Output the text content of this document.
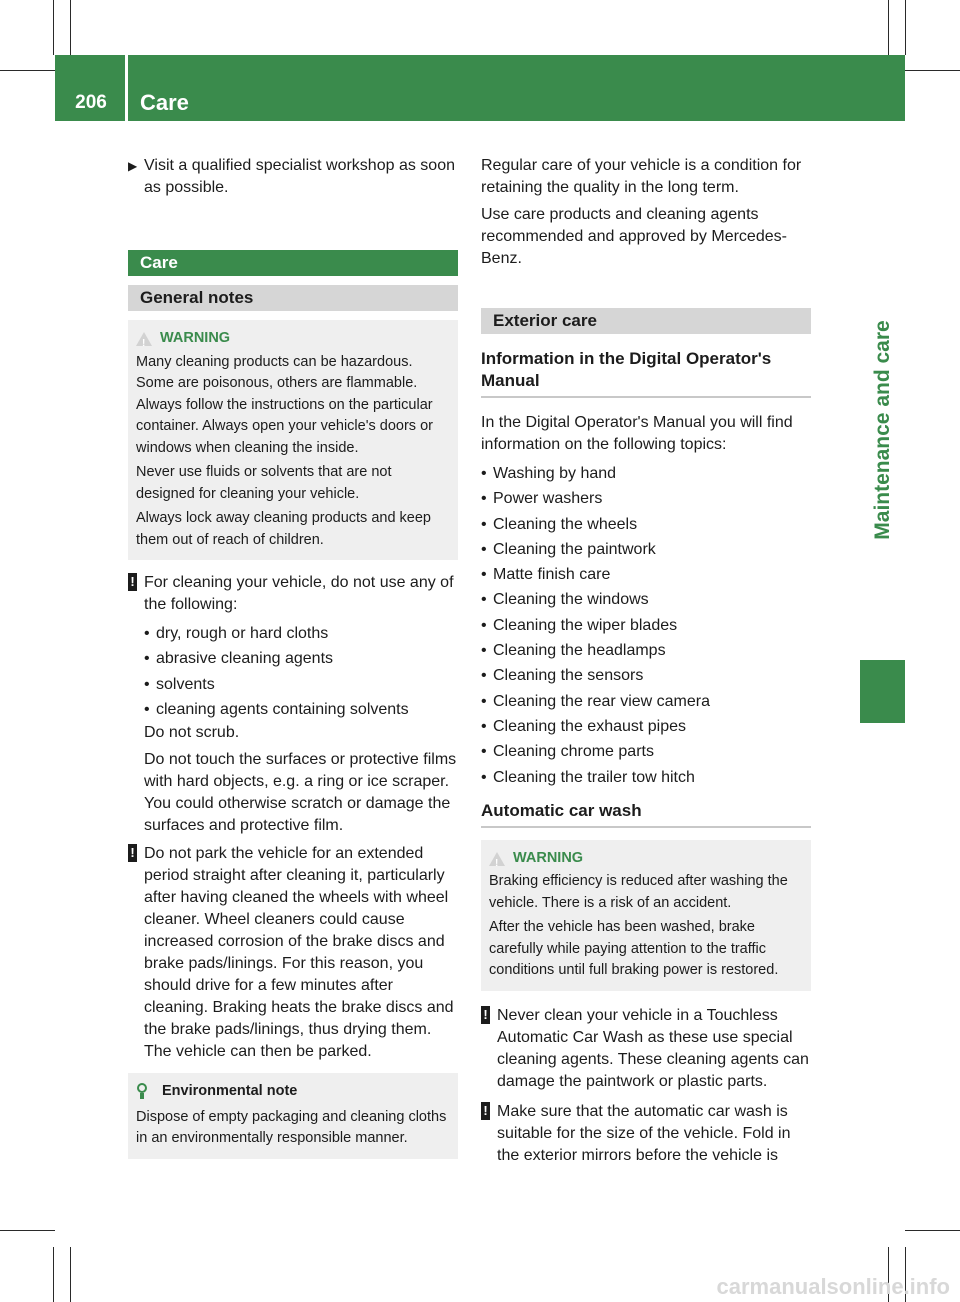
206	Care
Maintenance and care
▶ Visit a qualified specialist workshop as soon as possible.
Care
General notes
!
WARNING

Many cleaning products can be hazardous. Some are poisonous, others are flammable. Always follow the instructions on the particular container. Always open your vehicle's doors or windows when cleaning the inside.

Never use fluids or solvents that are not designed for cleaning your vehicle.

Always lock away cleaning products and keep them out of reach of children.

! For cleaning your vehicle, do not use any of the following:

• dry, rough or hard cloths
• abrasive cleaning agents
• solvents
• cleaning agents containing solvents

Do not scrub.

Do not touch the surfaces or protective films with hard objects, e.g. a ring or ice scraper. You could otherwise scratch or damage the surfaces and protective film.

! Do not park the vehicle for an extended period straight after cleaning it, particularly after having cleaned the wheels with wheel cleaner. Wheel cleaners could cause increased corrosion of the brake discs and brake pads/linings. For this reason, you should drive for a few minutes after cleaning. Braking heats the brake discs and the brake pads/linings, thus drying them. The vehicle can then be parked.

Environmental note

Dispose of empty packaging and cleaning cloths in an environmentally responsible manner.

Regular care of your vehicle is a condition for retaining the quality in the long term.

Use care products and cleaning agents recommended and approved by Mercedes-Benz.

Exterior care
Information in the Digital Operator's Manual

In the Digital Operator's Manual you will find information on the following topics:

• Washing by hand
• Power washers
• Cleaning the wheels
• Cleaning the paintwork
• Matte finish care
• Cleaning the windows
• Cleaning the wiper blades
• Cleaning the headlamps
• Cleaning the sensors
• Cleaning the rear view camera
• Cleaning the exhaust pipes
• Cleaning chrome parts
• Cleaning the trailer tow hitch
Automatic car wash
!
WARNING

Braking efficiency is reduced after washing the vehicle. There is a risk of an accident.

After the vehicle has been washed, brake carefully while paying attention to the traffic conditions until full braking power is restored.

! Never clean your vehicle in a Touchless Automatic Car Wash as these use special cleaning agents. These cleaning agents can damage the paintwork or plastic parts.

! Make sure that the automatic car wash is suitable for the size of the vehicle. Fold in the exterior mirrors before the vehicle is

carmanualsonline.info
